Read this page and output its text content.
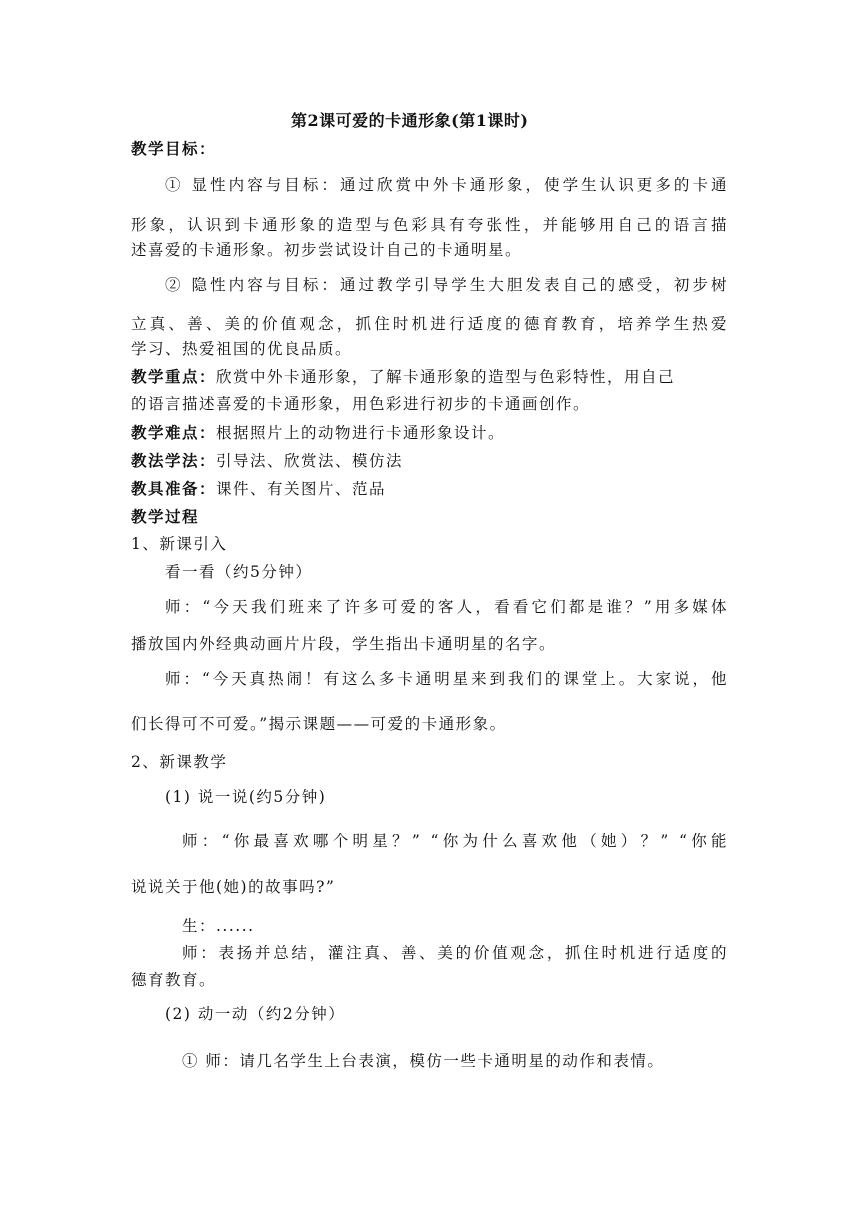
第2课可爱的卡通形象(第1课时)
教学目标：
① 显性内容与目标：通过欣赏中外卡通形象，使学生认识更多的卡通
形象，认识到卡通形象的造型与色彩具有夸张性，并能够用自己的语言描
述喜爱的卡通形象。初步尝试设计自己的卡通明星。
② 隐性内容与目标：通过教学引导学生大胆发表自己的感受，初步树
立真、善、美的价值观念，抓住时机进行适度的德育教育，培养学生热爱
学习、热爱祖国的优良品质。
教学重点：欣赏中外卡通形象，了解卡通形象的造型与色彩特性，用自己
的语言描述喜爱的卡通形象，用色彩进行初步的卡通画创作。
教学难点：根据照片上的动物进行卡通形象设计。
教法学法：引导法、欣赏法、模仿法
教具准备：课件、有关图片、范品
教学过程
1、新课引入
看一看（约5分钟）
师：“今天我们班来了许多可爱的客人，看看它们都是谁？”用多媒体
播放国内外经典动画片片段，学生指出卡通明星的名字。
师：“今天真热闹！有这么多卡通明星来到我们的课堂上。大家说，他
们长得可不可爱。”揭示课题——可爱的卡通形象。
2、新课教学
(1) 说一说(约5分钟)
师：“你最喜欢哪个明星？” “你为什么喜欢他（她）？” “你能
说说关于他(她)的故事吗?”
生：......
师：表扬并总结，灌注真、善、美的价值观念，抓住时机进行适度的
德育教育。
(2) 动一动（约2分钟）
① 师：请几名学生上台表演，模仿一些卡通明星的动作和表情。
